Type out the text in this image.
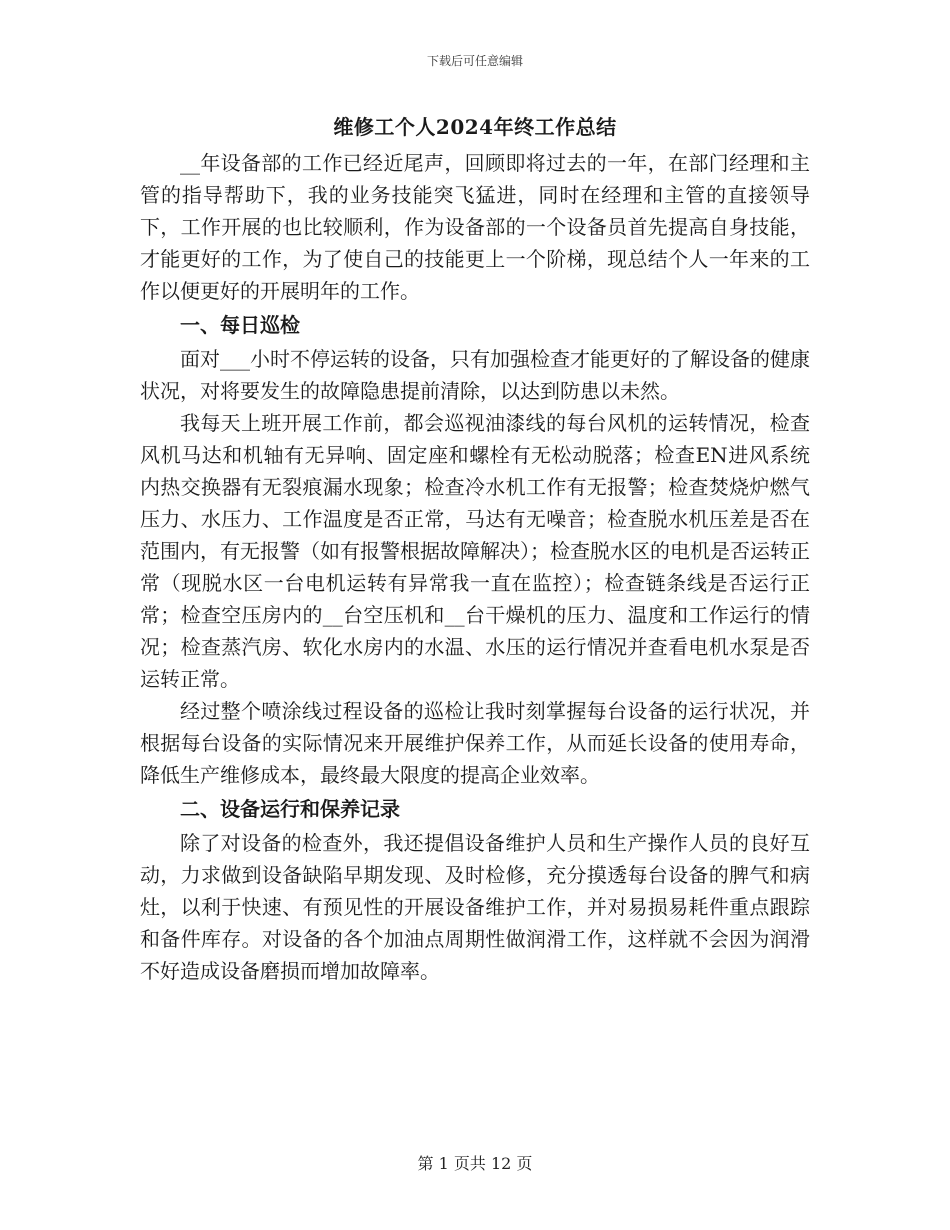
下载后可任意编辑
维修工个人2024年终工作总结

__年设备部的工作已经近尾声，回顾即将过去的一年，在部门经理和主管的指导帮助下，我的业务技能突飞猛进，同时在经理和主管的直接领导下，工作开展的也比较顺利，作为设备部的一个设备员首先提高自身技能，才能更好的工作，为了使自己的技能更上一个阶梯，现总结个人一年来的工作以便更好的开展明年的工作。

一、每日巡检

面对___小时不停运转的设备，只有加强检查才能更好的了解设备的健康状况，对将要发生的故障隐患提前清除，以达到防患以未然。

我每天上班开展工作前，都会巡视油漆线的每台风机的运转情况，检查风机马达和机轴有无异响、固定座和螺栓有无松动脱落；检查EN进风系统内热交换器有无裂痕漏水现象；检查冷水机工作有无报警；检查焚烧炉燃气压力、水压力、工作温度是否正常，马达有无噪音；检查脱水机压差是否在范围内，有无报警（如有报警根据故障解决）；检查脱水区的电机是否运转正常（现脱水区一台电机运转有异常我一直在监控）；检查链条线是否运行正常；检查空压房内的__台空压机和__台干燥机的压力、温度和工作运行的情况；检查蒸汽房、软化水房内的水温、水压的运行情况并查看电机水泵是否运转正常。

经过整个喷涂线过程设备的巡检让我时刻掌握每台设备的运行状况，并根据每台设备的实际情况来开展维护保养工作，从而延长设备的使用寿命，降低生产维修成本，最终最大限度的提高企业效率。

二、设备运行和保养记录

除了对设备的检查外，我还提倡设备维护人员和生产操作人员的良好互动，力求做到设备缺陷早期发现、及时检修，充分摸透每台设备的脾气和病灶，以利于快速、有预见性的开展设备维护工作，并对易损易耗件重点跟踪和备件库存。对设备的各个加油点周期性做润滑工作，这样就不会因为润滑不好造成设备磨损而增加故障率。

第 1 页共 12 页
